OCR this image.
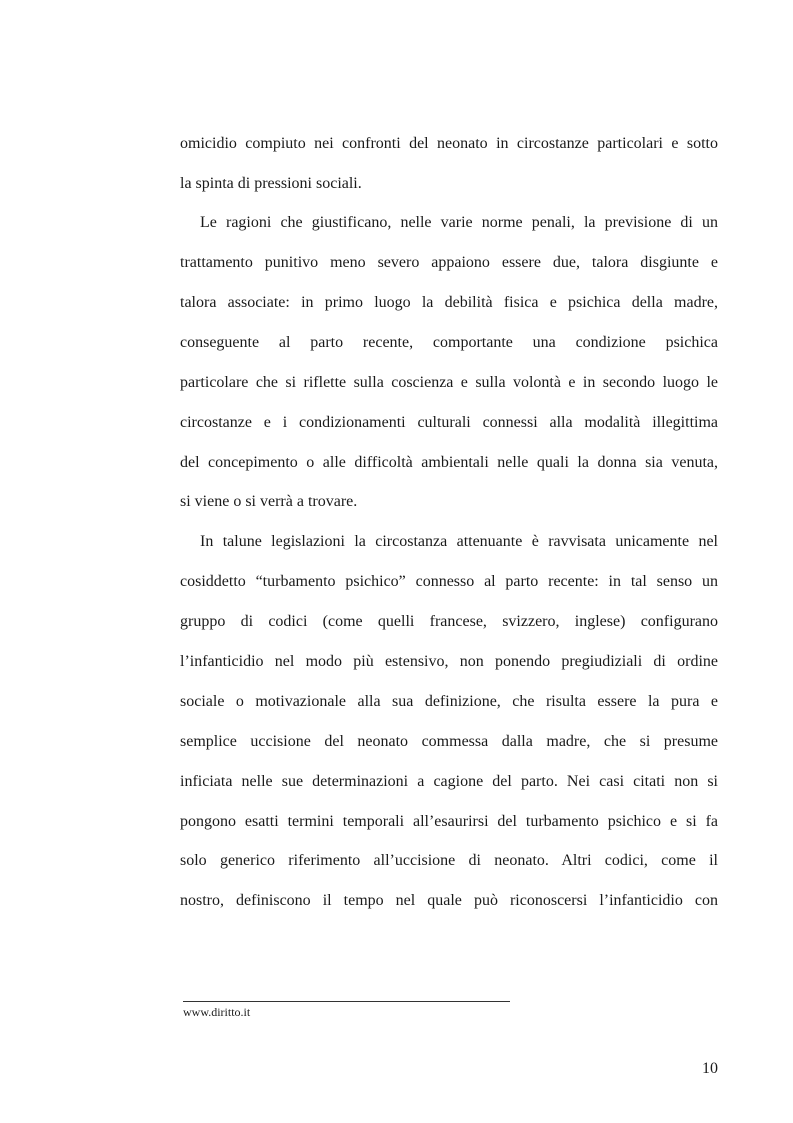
omicidio compiuto nei confronti del neonato in circostanze particolari e sotto
la spinta di pressioni sociali.
Le ragioni che giustificano, nelle varie norme penali, la previsione di un
trattamento punitivo meno severo appaiono essere due, talora disgiunte e
talora associate: in primo luogo la debilità fisica e psichica della madre,
conseguente al parto recente, comportante una condizione psichica
particolare che si riflette sulla coscienza e sulla volontà e in secondo luogo le
circostanze e i condizionamenti culturali connessi alla modalità illegittima
del concepimento o alle difficoltà ambientali nelle quali la donna sia venuta,
si viene o si verrà a trovare.
In talune legislazioni la circostanza attenuante è ravvisata unicamente nel
cosiddetto “turbamento psichico” connesso al parto recente: in tal senso un
gruppo di codici (come quelli francese, svizzero, inglese) configurano
l’infanticidio nel modo più estensivo, non ponendo pregiudiziali di ordine
sociale o motivazionale alla sua definizione, che risulta essere la pura e
semplice uccisione del neonato commessa dalla madre, che si presume
inficiata nelle sue determinazioni a cagione del parto. Nei casi citati non si
pongono esatti termini temporali all’esaurirsi del turbamento psichico e si fa
solo generico riferimento all’uccisione di neonato. Altri codici, come il
nostro, definiscono il tempo nel quale può riconoscersi l’infanticidio con
www.diritto.it
10
